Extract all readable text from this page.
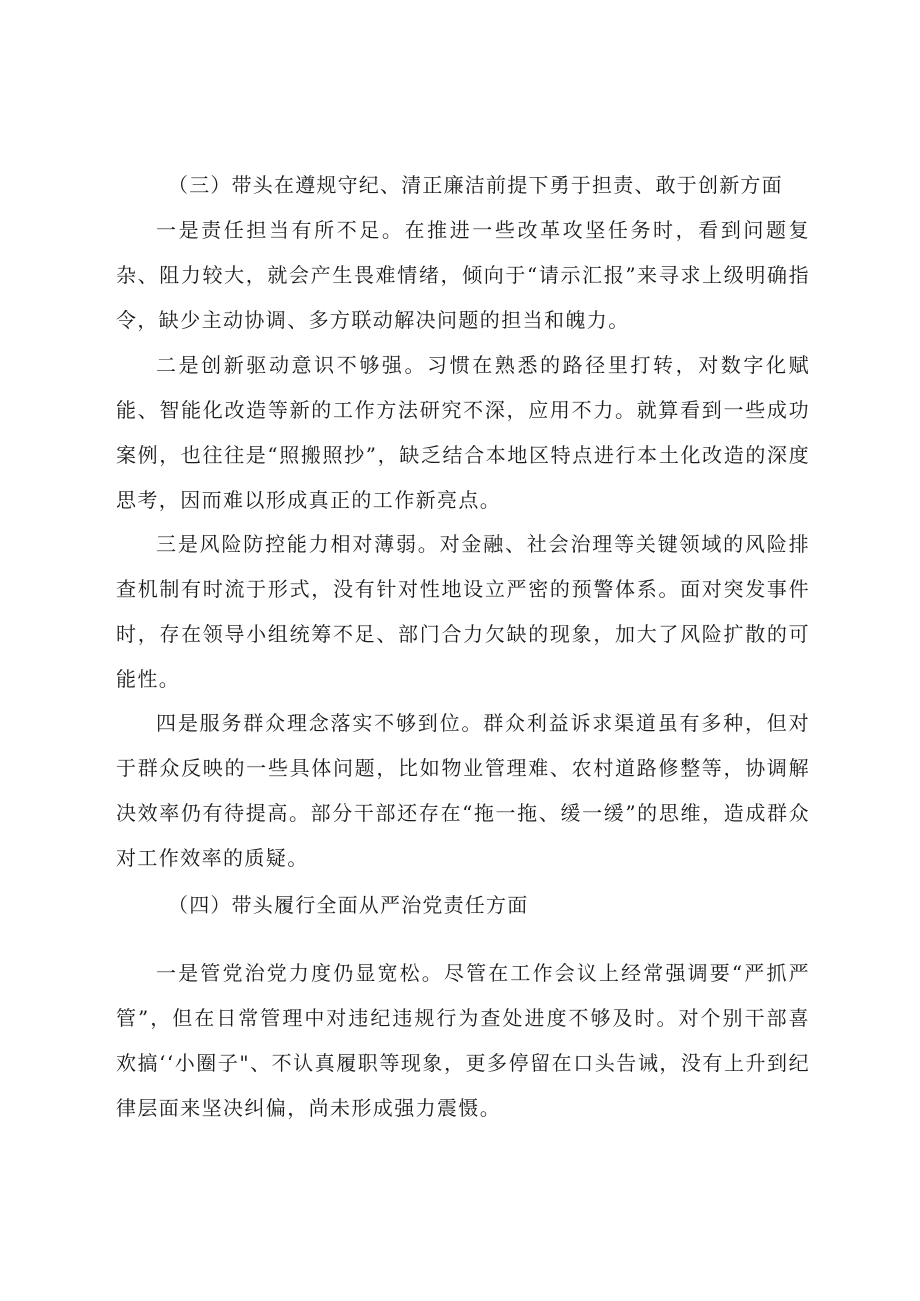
（三）带头在遵规守纪、清正廉洁前提下勇于担责、敢于创新方面

一是责任担当有所不足。在推进一些改革攻坚任务时，看到问题复杂、阻力较大，就会产生畏难情绪，倾向于“请示汇报”来寻求上级明确指令，缺少主动协调、多方联动解决问题的担当和魄力。

二是创新驱动意识不够强。习惯在熟悉的路径里打转，对数字化赋能、智能化改造等新的工作方法研究不深，应用不力。就算看到一些成功案例，也往往是“照搬照抄”，缺乏结合本地区特点进行本土化改造的深度思考，因而难以形成真正的工作新亮点。

三是风险防控能力相对薄弱。对金融、社会治理等关键领域的风险排查机制有时流于形式，没有针对性地设立严密的预警体系。面对突发事件时，存在领导小组统筹不足、部门合力欠缺的现象，加大了风险扩散的可能性。

四是服务群众理念落实不够到位。群众利益诉求渠道虽有多种，但对于群众反映的一些具体问题，比如物业管理难、农村道路修整等，协调解决效率仍有待提高。部分干部还存在“拖一拖、缓一缓”的思维，造成群众对工作效率的质疑。

（四）带头履行全面从严治党责任方面

一是管党治党力度仍显宽松。尽管在工作会议上经常强调要“严抓严管”，但在日常管理中对违纪违规行为查处进度不够及时。对个别干部喜欢搞‘‘小圈子"、不认真履职等现象，更多停留在口头告诫，没有上升到纪律层面来坚决纠偏，尚未形成强力震慑。
